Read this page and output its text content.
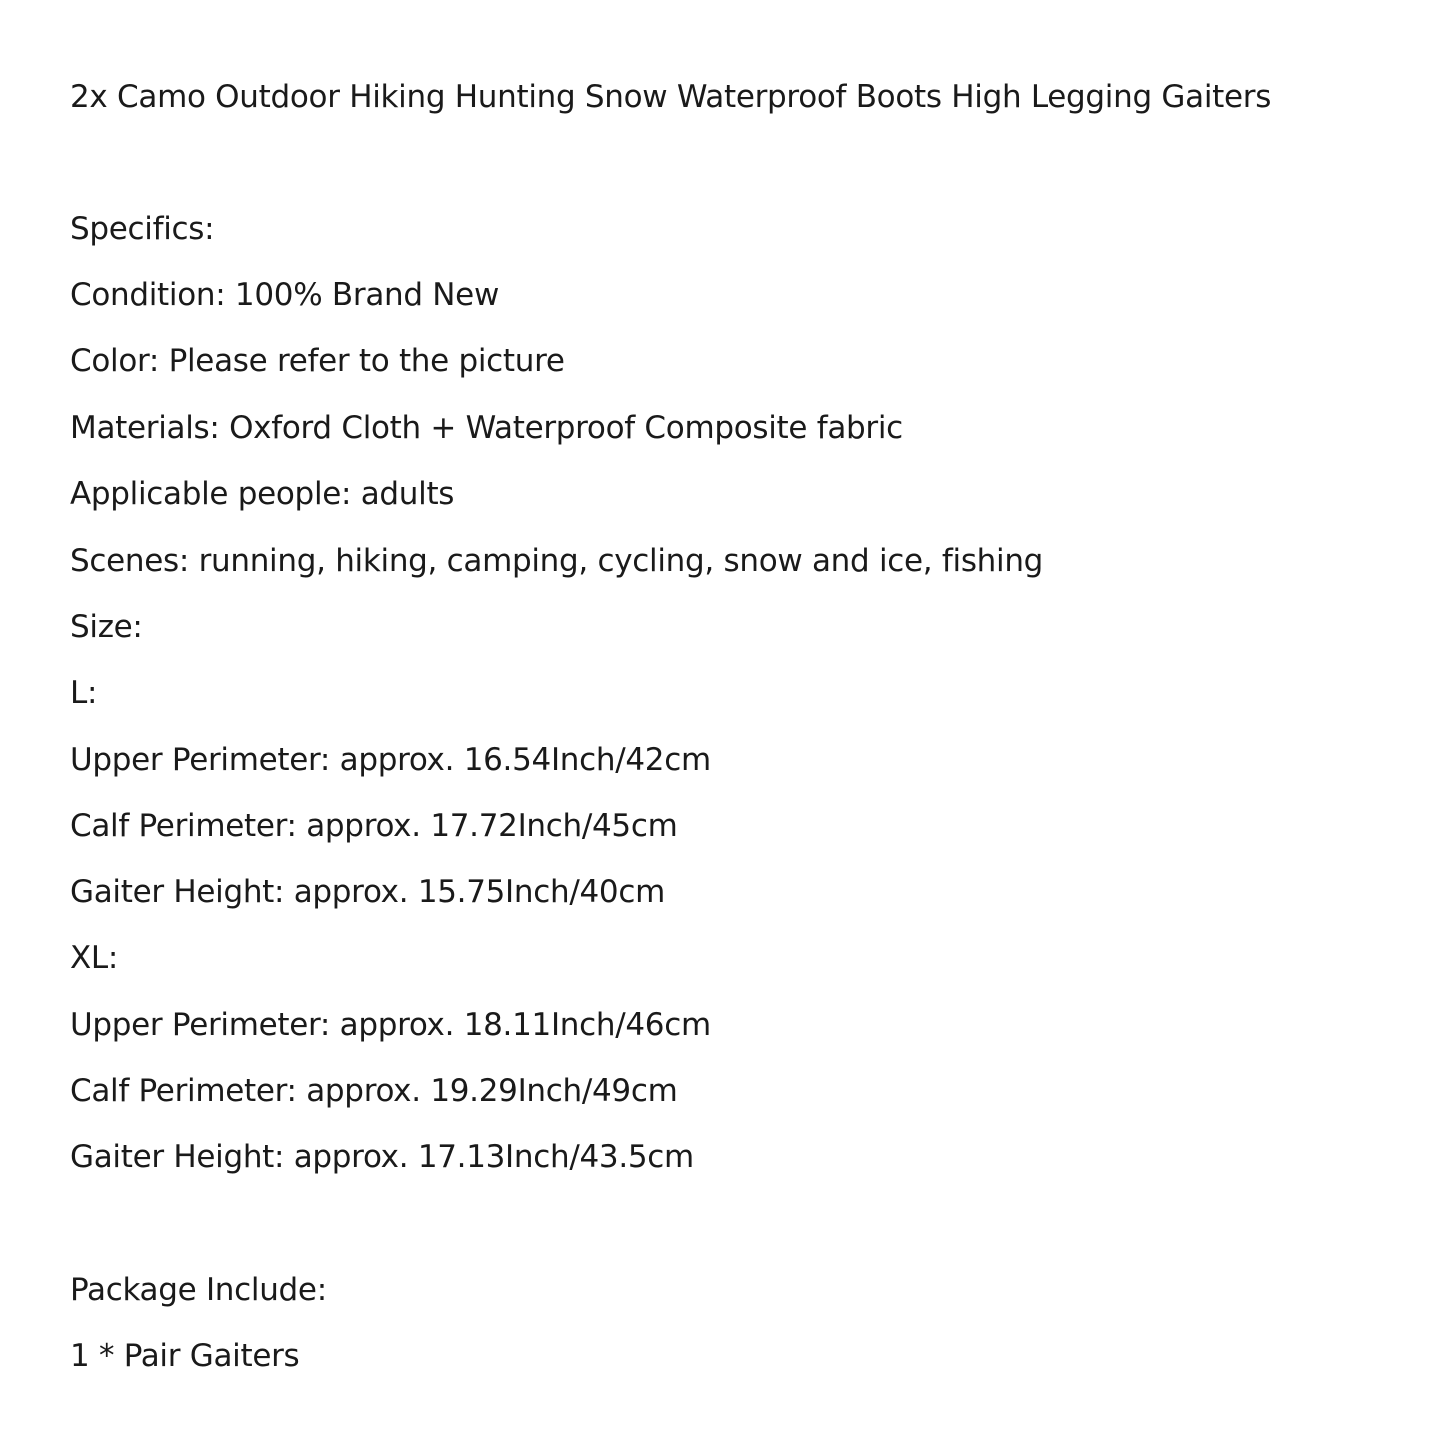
2x Camo Outdoor Hiking Hunting Snow Waterproof Boots High Legging Gaiters
Specifics:
Condition: 100% Brand New
Color: Please refer to the picture
Materials: Oxford Cloth + Waterproof Composite fabric
Applicable people: adults
Scenes: running, hiking, camping, cycling, snow and ice, fishing
Size:
L:
Upper Perimeter: approx. 16.54Inch/42cm
Calf Perimeter: approx. 17.72Inch/45cm
Gaiter Height: approx. 15.75Inch/40cm
XL:
Upper Perimeter: approx. 18.11Inch/46cm
Calf Perimeter: approx. 19.29Inch/49cm
Gaiter Height: approx. 17.13Inch/43.5cm
Package Include:
1 * Pair Gaiters
